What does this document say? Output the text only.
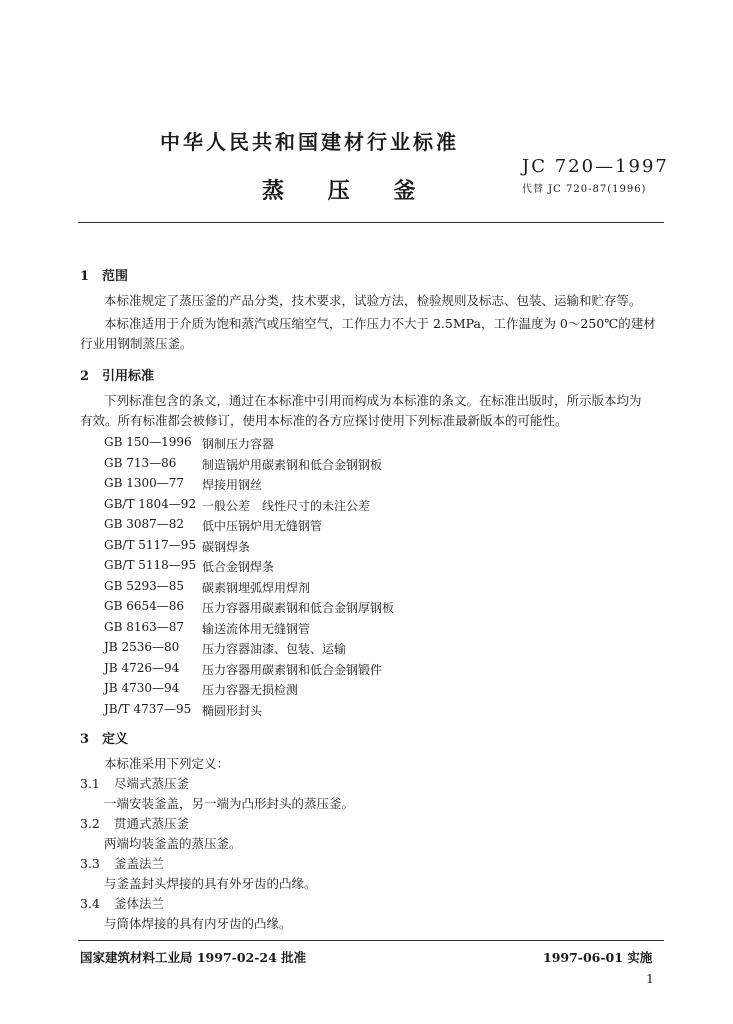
中华人民共和国建材行业标准
JC 720—1997
蒸 压 釜	代替 JC 720-87(1996)
1　范围
本标准规定了蒸压釜的产品分类，技术要求，试验方法，检验规则及标志、包装、运输和贮存等。
本标准适用于介质为饱和蒸汽或压缩空气，工作压力不大于 2.5MPa，工作温度为 0～250℃的建材
行业用钢制蒸压釜。
2　引用标准
下列标准包含的条文，通过在本标准中引用而构成为本标准的条文。在标准出版时，所示版本均为
有效。所有标准都会被修订，使用本标准的各方应探讨使用下列标准最新版本的可能性。
GB 150—1996 钢制压力容器
GB 713—86 制造锅炉用碳素钢和低合金钢钢板
GB 1300—77 焊接用钢丝
GB/T 1804—92 一般公差　线性尺寸的未注公差
GB 3087—82 低中压锅炉用无缝钢管
GB/T 5117—95 碳钢焊条
GB/T 5118—95 低合金钢焊条
GB 5293—85 碳素钢埋弧焊用焊剂
GB 6654—86 压力容器用碳素钢和低合金钢厚钢板
GB 8163—87 输送流体用无缝钢管
JB 2536—80 压力容器油漆、包装、运输
JB 4726—94 压力容器用碳素钢和低合金钢锻件
JB 4730—94 压力容器无损检测
JB/T 4737—95 椭圆形封头
3　定义
本标准采用下列定义：
3.1 尽端式蒸压釜
一端安装釜盖，另一端为凸形封头的蒸压釜。
3.2 贯通式蒸压釜
两端均装釜盖的蒸压釜。
3.3 釜盖法兰
与釜盖封头焊接的具有外牙齿的凸缘。
3.4 釜体法兰
与筒体焊接的具有内牙齿的凸缘。
国家建筑材料工业局 1997-02-24 批准	1997-06-01 实施
1
